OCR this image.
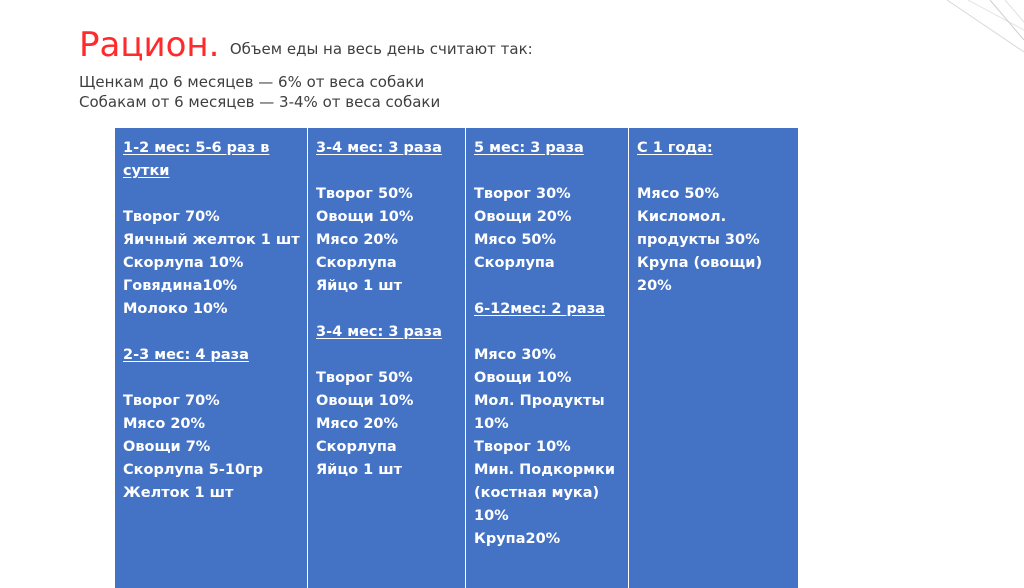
Рацион. Объем еды на весь день считают так:
Щенкам до 6 месяцев — 6% от веса собаки
Собакам от 6 месяцев — 3-4% от веса собаки
1-2 мес: 5-6 раз в
сутки
Творог 70%
Яичный желток 1 шт
Скорлупа 10%
Говядина10%
Молоко 10%
2-3 мес: 4 раза
Творог 70%
Мясо 20%
Овощи 7%
Скорлупа 5-10гр
Желток 1 шт
3-4 мес: 3 раза
Творог 50%
Овощи 10%
Мясо 20%
Скорлупа
Яйцо 1 шт
3-4 мес: 3 раза
Творог 50%
Овощи 10%
Мясо 20%
Скорлупа
Яйцо 1 шт
5 мес: 3 раза
Творог 30%
Овощи 20%
Мясо 50%
Скорлупа
6-12мес: 2 раза
Мясо 30%
Овощи 10%
Мол. Продукты
10%
Творог 10%
Мин. Подкормки
(костная мука)
10%
Крупа20%
С 1 года:
Мясо 50%
Кисломол.
продукты 30%
Крупа (овощи)
20%
